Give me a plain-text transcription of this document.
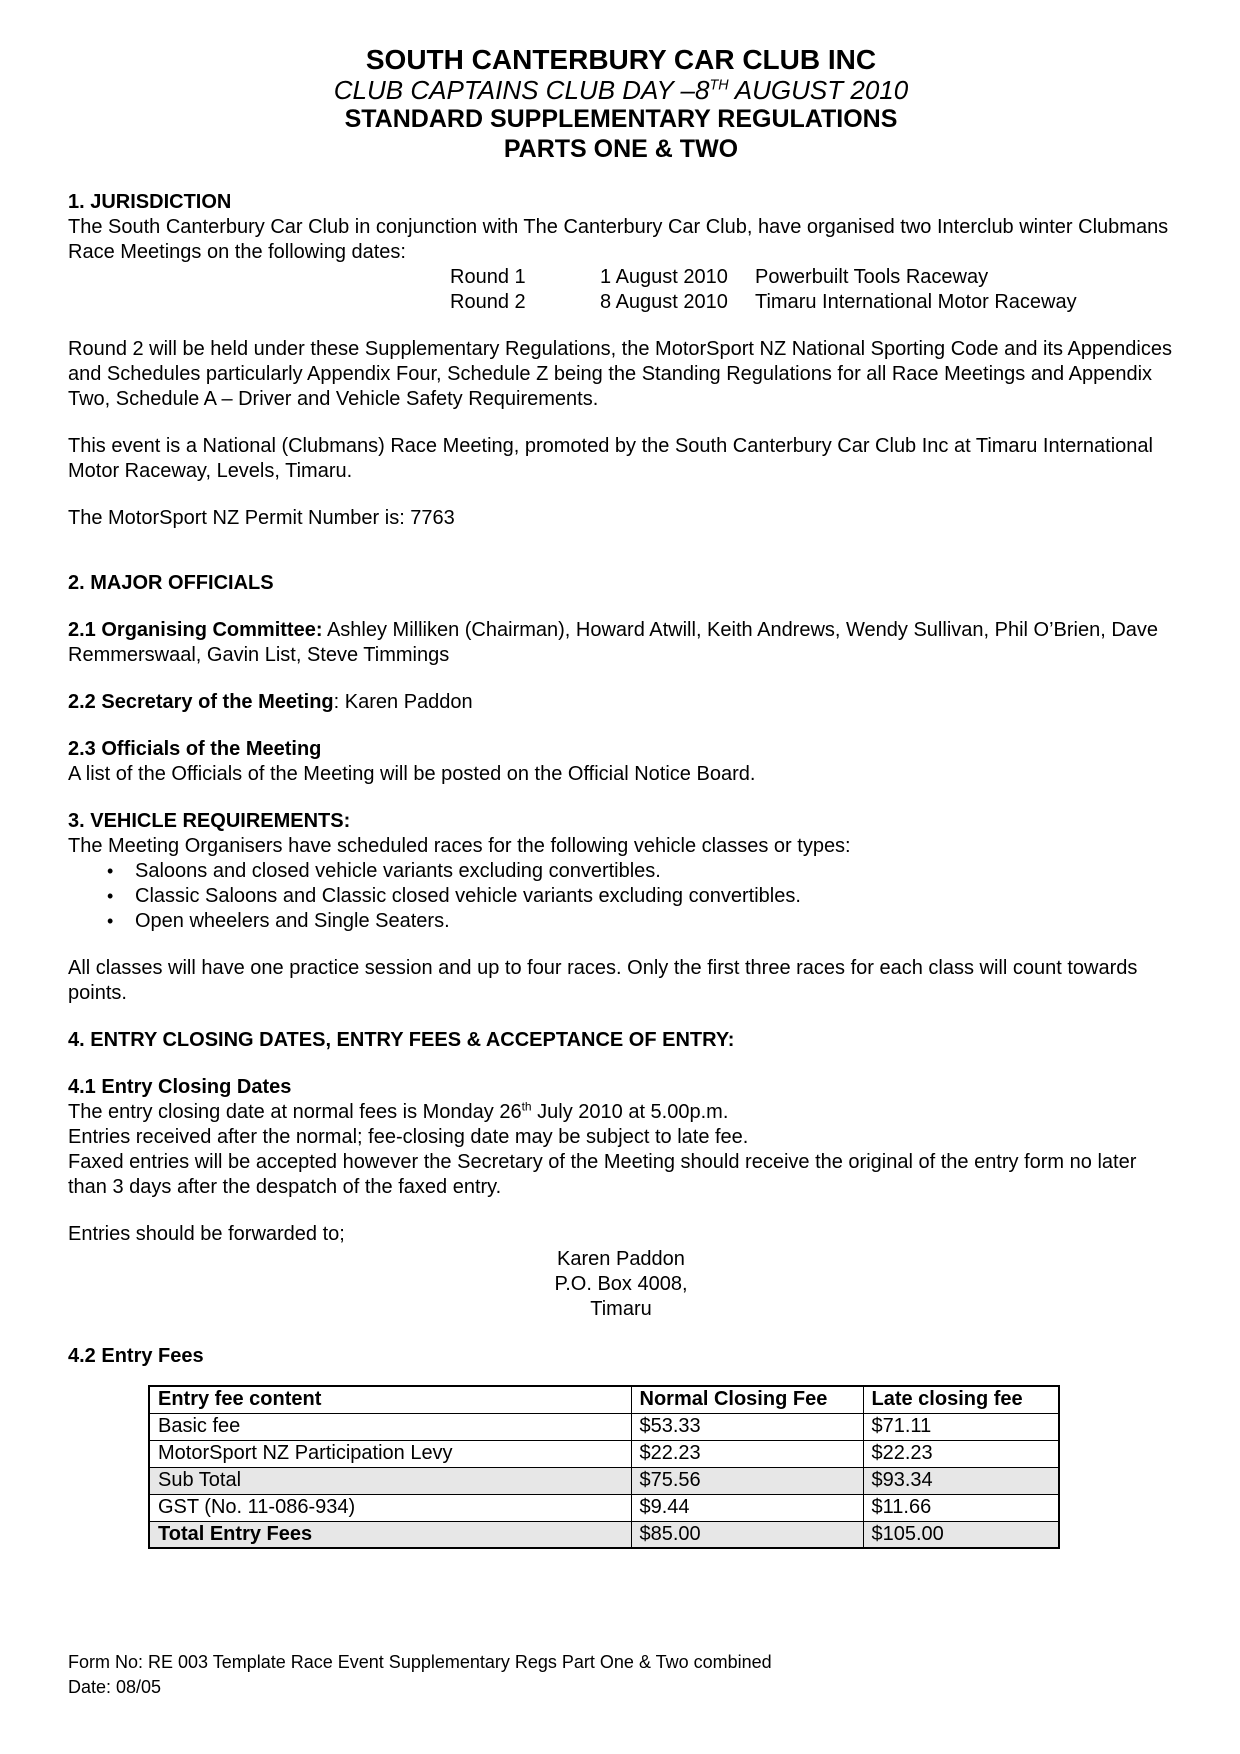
SOUTH CANTERBURY CAR CLUB INC
CLUB CAPTAINS CLUB DAY –8TH AUGUST 2010
STANDARD SUPPLEMENTARY REGULATIONS
PARTS ONE & TWO
1. JURISDICTION

The South Canterbury Car Club in conjunction with The Canterbury Car Club, have organised two Interclub winter Clubmans Race Meetings on the following dates:

Round 1	1 August 2010	Powerbuilt Tools Raceway
Round 2	8 August 2010	Timaru International Motor Raceway

Round 2 will be held under these Supplementary Regulations, the MotorSport NZ National Sporting Code and its Appendices and Schedules particularly Appendix Four, Schedule Z being the Standing Regulations for all Race Meetings and Appendix Two, Schedule A – Driver and Vehicle Safety Requirements.

This event is a National (Clubmans) Race Meeting, promoted by the South Canterbury Car Club Inc at Timaru International Motor Raceway, Levels, Timaru.

The MotorSport NZ Permit Number is: 7763

2. MAJOR OFFICIALS

2.1 Organising Committee: Ashley Milliken (Chairman), Howard Atwill, Keith Andrews, Wendy Sullivan, Phil O’Brien, Dave Remmerswaal, Gavin List, Steve Timmings

2.2 Secretary of the Meeting: Karen Paddon

2.3 Officials of the Meeting

A list of the Officials of the Meeting will be posted on the Official Notice Board.

3. VEHICLE REQUIREMENTS:

The Meeting Organisers have scheduled races for the following vehicle classes or types:

•
Saloons and closed vehicle variants excluding convertibles.
•
Classic Saloons and Classic closed vehicle variants excluding convertibles.
•
Open wheelers and Single Seaters.

All classes will have one practice session and up to four races. Only the first three races for each class will count towards points.

4. ENTRY CLOSING DATES, ENTRY FEES & ACCEPTANCE OF ENTRY:
4.1 Entry Closing Dates

The entry closing date at normal fees is Monday 26th July 2010 at 5.00p.m.

Entries received after the normal; fee-closing date may be subject to late fee.

Faxed entries will be accepted however the Secretary of the Meeting should receive the original of the entry form no later than 3 days after the despatch of the faxed entry.

Entries should be forwarded to;

Karen Paddon

P.O. Box 4008,

Timaru

4.2 Entry Fees
Entry fee content	Normal Closing Fee	Late closing fee
Basic fee	$53.33	$71.11
MotorSport NZ Participation Levy	$22.23	$22.23
Sub Total	$75.56	$93.34
GST (No. 11-086-934)	$9.44	$11.66
Total Entry Fees	$85.00	$105.00
Form No: RE 003 Template Race Event Supplementary Regs Part One & Two combined
Date: 08/05
